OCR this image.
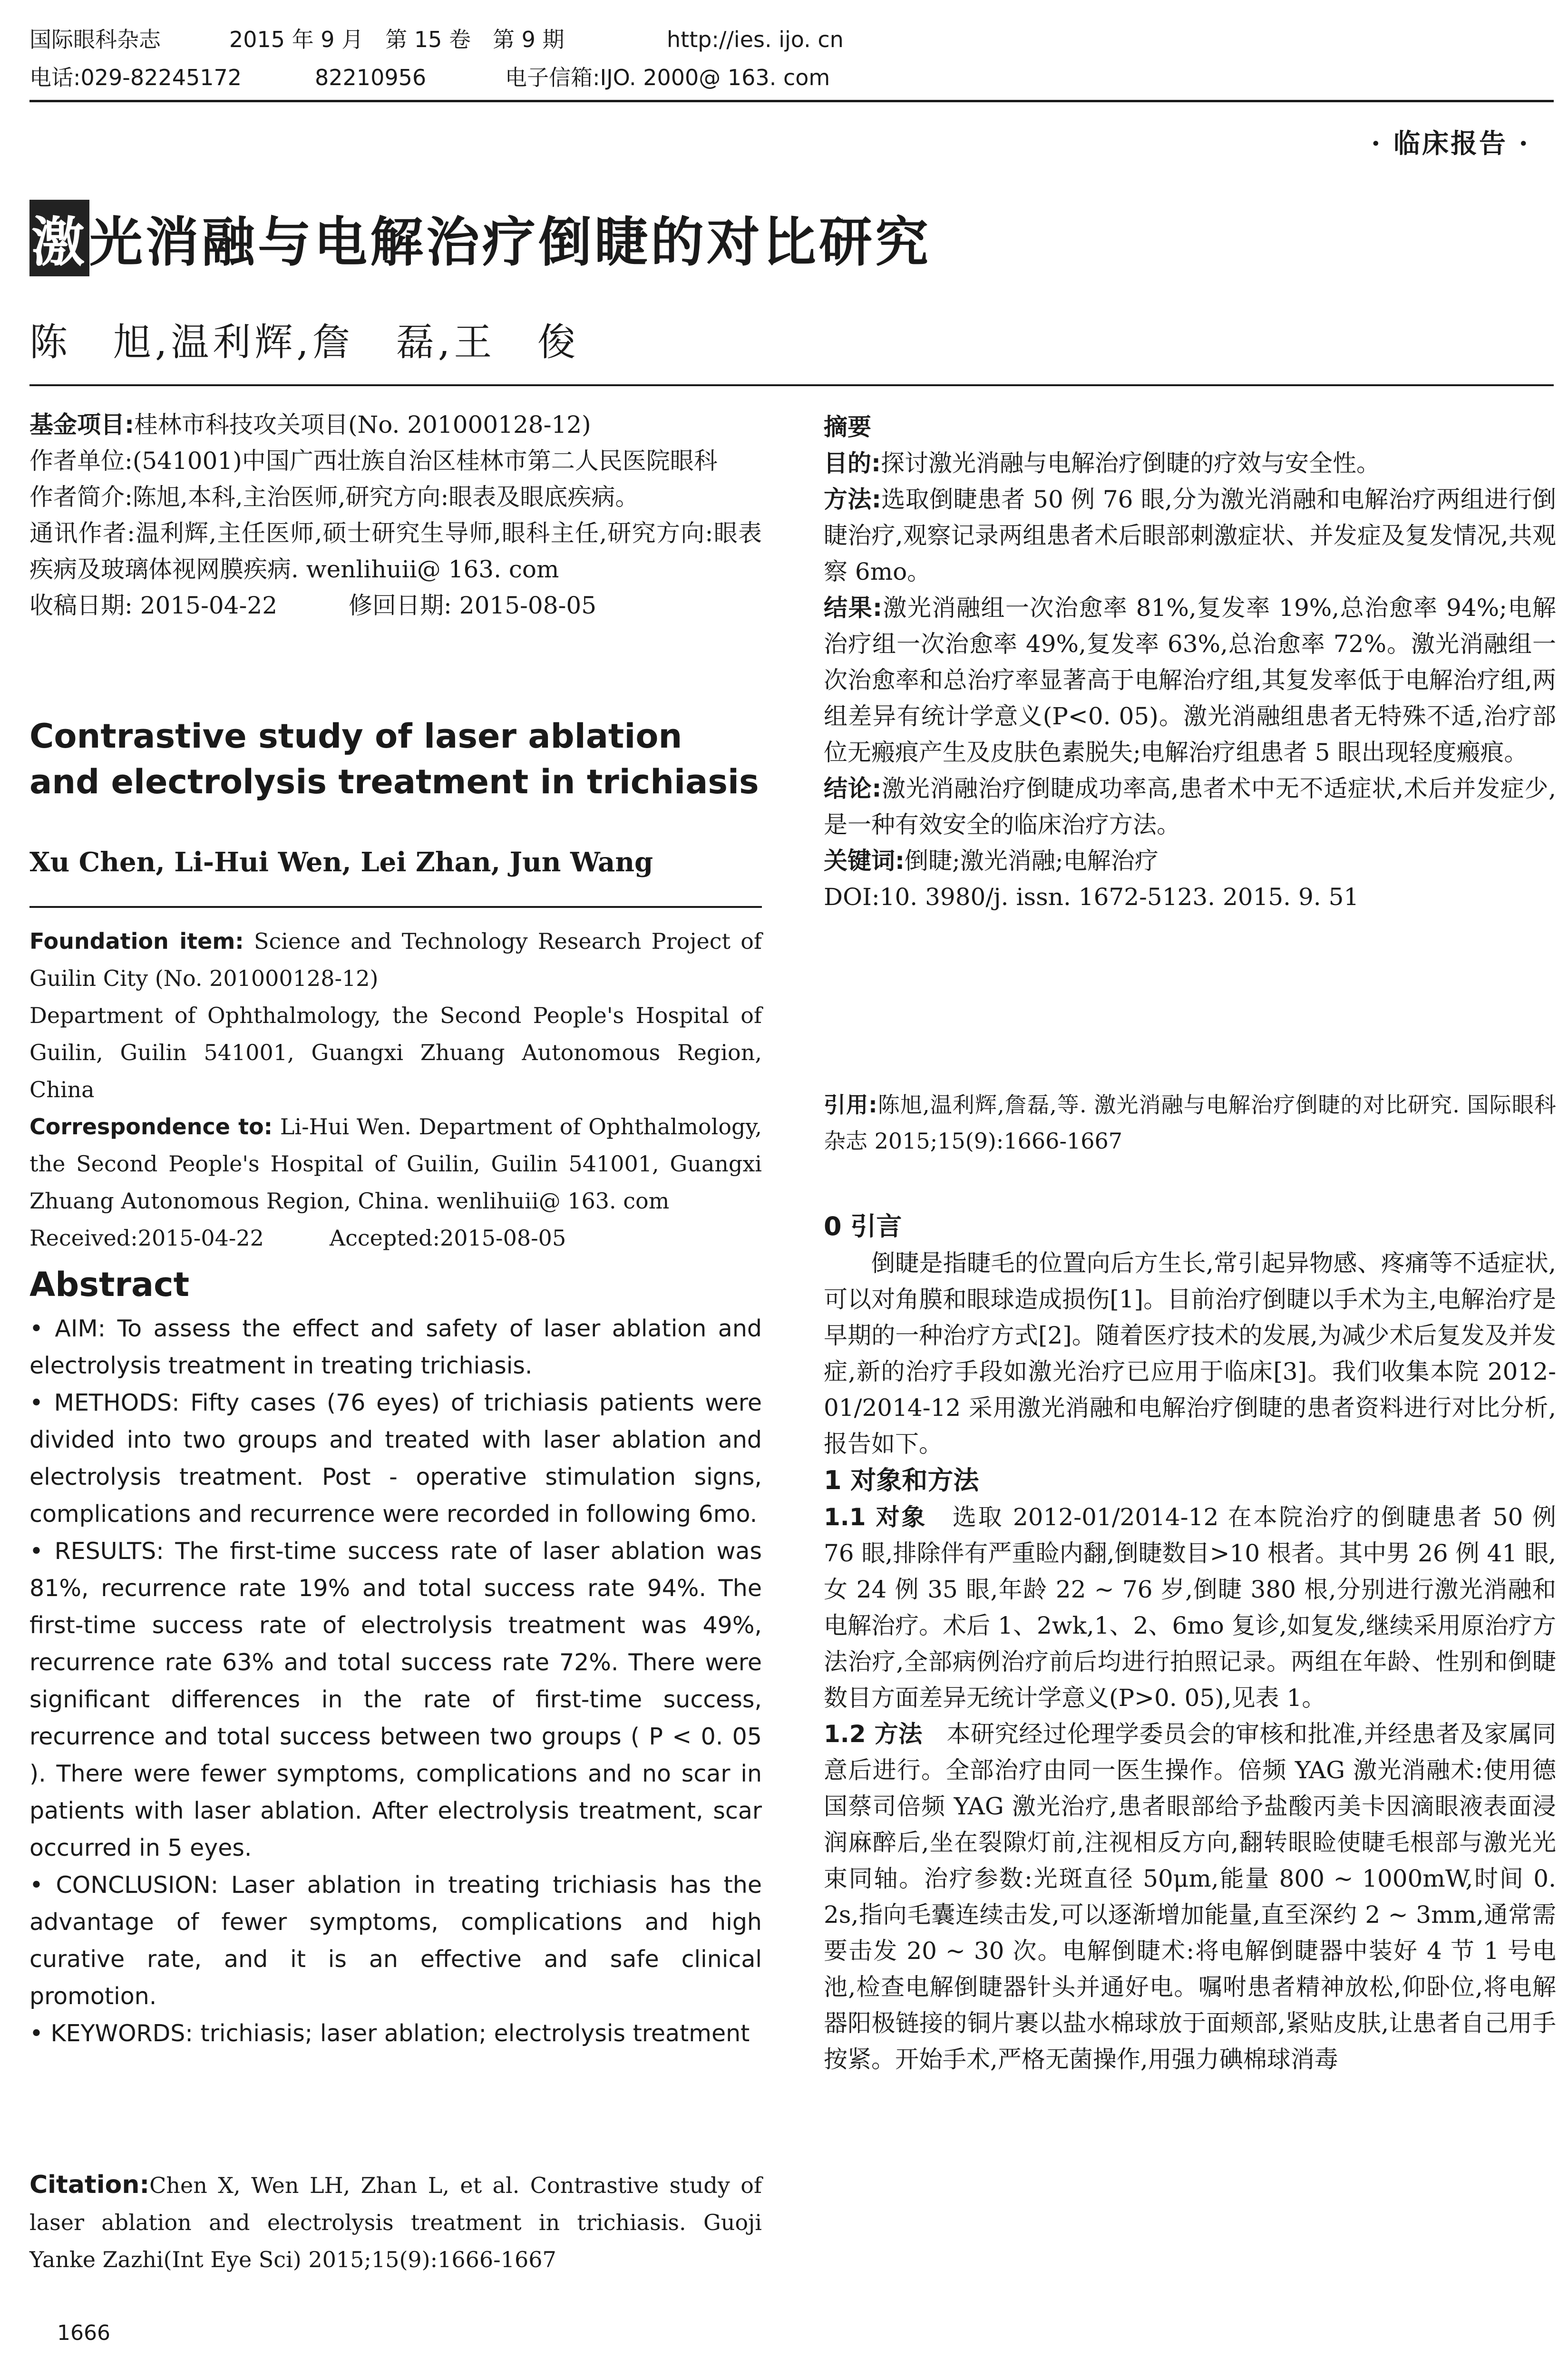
国际眼科杂志	2015 年 9 月　第 15 卷　第 9 期	http://ies. ijo. cn
电话:029-82245172	82210956	电子信箱:IJO. 2000@ 163. com
· 临床报告 ·
激光消融与电解治疗倒睫的对比研究
陈　旭,温利辉,詹　磊,王　俊

基金项目:桂林市科技攻关项目(No. 201000128-12)

作者单位:(541001)中国广西壮族自治区桂林市第二人民医院眼科

作者简介:陈旭,本科,主治医师,研究方向:眼表及眼底疾病。

通讯作者:温利辉,主任医师,硕士研究生导师,眼科主任,研究方向:眼表疾病及玻璃体视网膜疾病. wenlihuii@ 163. com

收稿日期: 2015-04-22　　　修回日期: 2015-08-05

Contrastive study of laser ablation and electrolysis treatment in trichiasis
Xu Chen, Li-Hui Wen, Lei Zhan, Jun Wang

Foundation item: Science and Technology Research Project of Guilin City (No. 201000128-12)

Department of Ophthalmology, the Second People's Hospital of Guilin, Guilin 541001, Guangxi Zhuang Autonomous Region, China

Correspondence to: Li-Hui Wen. Department of Ophthalmology, the Second People's Hospital of Guilin, Guilin 541001, Guangxi Zhuang Autonomous Region, China. wenlihuii@ 163. com

Received:2015-04-22　　　Accepted:2015-08-05

Abstract

• AIM: To assess the effect and safety of laser ablation and electrolysis treatment in treating trichiasis.

• METHODS: Fifty cases (76 eyes) of trichiasis patients were divided into two groups and treated with laser ablation and electrolysis treatment. Post - operative stimulation signs, complications and recurrence were recorded in following 6mo.

• RESULTS: The first-time success rate of laser ablation was 81%, recurrence rate 19% and total success rate 94%. The first-time success rate of electrolysis treatment was 49%, recurrence rate 63% and total success rate 72%. There were significant differences in the rate of first-time success, recurrence and total success between two groups ( P < 0. 05 ). There were fewer symptoms, complications and no scar in patients with laser ablation. After electrolysis treatment, scar occurred in 5 eyes.

• CONCLUSION: Laser ablation in treating trichiasis has the advantage of fewer symptoms, complications and high curative rate, and it is an effective and safe clinical promotion.

• KEYWORDS: trichiasis; laser ablation; electrolysis treatment

Citation:Chen X, Wen LH, Zhan L, et al. Contrastive study of laser ablation and electrolysis treatment in trichiasis. Guoji Yanke Zazhi(Int Eye Sci) 2015;15(9):1666-1667

摘要

目的:探讨激光消融与电解治疗倒睫的疗效与安全性。

方法:选取倒睫患者 50 例 76 眼,分为激光消融和电解治疗两组进行倒睫治疗,观察记录两组患者术后眼部刺激症状、并发症及复发情况,共观察 6mo。

结果:激光消融组一次治愈率 81%,复发率 19%,总治愈率 94%;电解治疗组一次治愈率 49%,复发率 63%,总治愈率 72%。激光消融组一次治愈率和总治疗率显著高于电解治疗组,其复发率低于电解治疗组,两组差异有统计学意义(P<0. 05)。激光消融组患者无特殊不适,治疗部位无瘢痕产生及皮肤色素脱失;电解治疗组患者 5 眼出现轻度瘢痕。

结论:激光消融治疗倒睫成功率高,患者术中无不适症状,术后并发症少,是一种有效安全的临床治疗方法。

关键词:倒睫;激光消融;电解治疗

DOI:10. 3980/j. issn. 1672-5123. 2015. 9. 51

引用:陈旭,温利辉,詹磊,等. 激光消融与电解治疗倒睫的对比研究. 国际眼科杂志 2015;15(9):1666-1667
0 引言
倒睫是指睫毛的位置向后方生长,常引起异物感、疼痛等不适症状,可以对角膜和眼球造成损伤[1]。目前治疗倒睫以手术为主,电解治疗是早期的一种治疗方式[2]。随着医疗技术的发展,为减少术后复发及并发症,新的治疗手段如激光治疗已应用于临床[3]。我们收集本院 2012-01/2014-12 采用激光消融和电解治疗倒睫的患者资料进行对比分析,报告如下。
1 对象和方法
1.1 对象　选取 2012-01/2014-12 在本院治疗的倒睫患者 50 例 76 眼,排除伴有严重睑内翻,倒睫数目>10 根者。其中男 26 例 41 眼,女 24 例 35 眼,年龄 22 ~ 76 岁,倒睫 380 根,分别进行激光消融和电解治疗。术后 1、2wk,1、2、6mo 复诊,如复发,继续采用原治疗方法治疗,全部病例治疗前后均进行拍照记录。两组在年龄、性别和倒睫数目方面差异无统计学意义(P>0. 05),见表 1。
1.2 方法　本研究经过伦理学委员会的审核和批准,并经患者及家属同意后进行。全部治疗由同一医生操作。倍频 YAG 激光消融术:使用德国蔡司倍频 YAG 激光治疗,患者眼部给予盐酸丙美卡因滴眼液表面浸润麻醉后,坐在裂隙灯前,注视相反方向,翻转眼睑使睫毛根部与激光光束同轴。治疗参数:光斑直径 50μm,能量 800 ~ 1000mW,时间 0. 2s,指向毛囊连续击发,可以逐渐增加能量,直至深约 2 ~ 3mm,通常需要击发 20 ~ 30 次。电解倒睫术:将电解倒睫器中装好 4 节 1 号电池,检查电解倒睫器针头并通好电。嘱咐患者精神放松,仰卧位,将电解器阳极链接的铜片裹以盐水棉球放于面颊部,紧贴皮肤,让患者自己用手按紧。开始手术,严格无菌操作,用强力碘棉球消毒
1666
